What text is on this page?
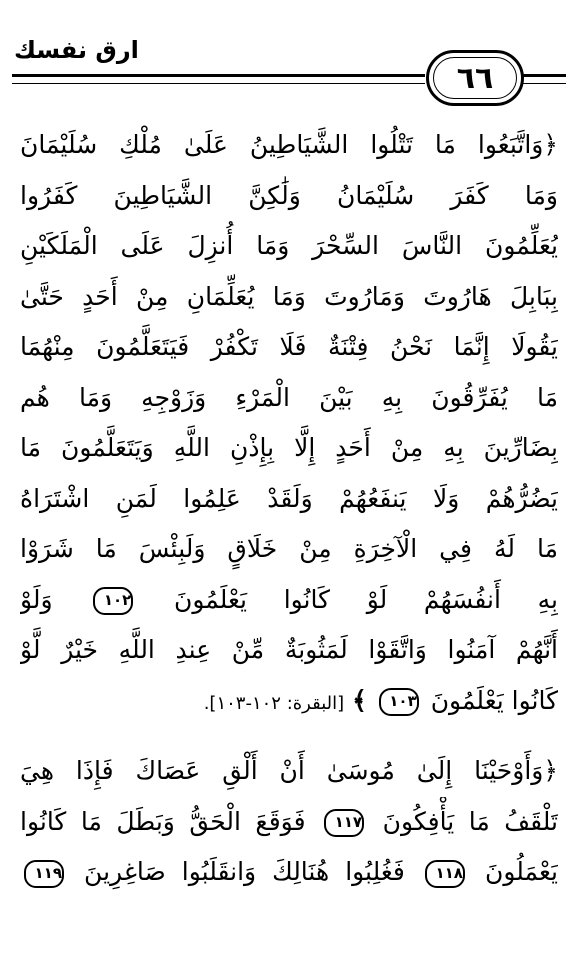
ارق نفسك
٦٦
﴿وَاتَّبَعُوا مَا تَتْلُوا الشَّيَاطِينُ عَلَىٰ مُلْكِ سُلَيْمَانَ
وَمَا كَفَرَ سُلَيْمَانُ وَلَٰكِنَّ الشَّيَاطِينَ كَفَرُوا
يُعَلِّمُونَ النَّاسَ السِّحْرَ وَمَا أُنزِلَ عَلَى الْمَلَكَيْنِ
بِبَابِلَ هَارُوتَ وَمَارُوتَ وَمَا يُعَلِّمَانِ مِنْ أَحَدٍ حَتَّىٰ
يَقُولَا إِنَّمَا نَحْنُ فِتْنَةٌ فَلَا تَكْفُرْ فَيَتَعَلَّمُونَ مِنْهُمَا
مَا يُفَرِّقُونَ بِهِ بَيْنَ الْمَرْءِ وَزَوْجِهِ وَمَا هُم
بِضَارِّينَ بِهِ مِنْ أَحَدٍ إِلَّا بِإِذْنِ اللَّهِ وَيَتَعَلَّمُونَ مَا
يَضُرُّهُمْ وَلَا يَنفَعُهُمْ وَلَقَدْ عَلِمُوا لَمَنِ اشْتَرَاهُ
مَا لَهُ فِي الْآخِرَةِ مِنْ خَلَاقٍ وَلَبِئْسَ مَا شَرَوْا
بِهِ أَنفُسَهُمْ لَوْ كَانُوا يَعْلَمُونَ ١٠٢ وَلَوْ
أَنَّهُمْ آمَنُوا وَاتَّقَوْا لَمَثُوبَةٌ مِّنْ عِندِ اللَّهِ خَيْرٌ لَّوْ
كَانُوا يَعْلَمُونَ ١٠٣ ﴾ [البقرة: ١٠٢-١٠٣].
﴿وَأَوْحَيْنَا إِلَىٰ مُوسَىٰ أَنْ أَلْقِ عَصَاكَ فَإِذَا هِيَ
تَلْقَفُ مَا يَأْفِكُونَ ١١٧ فَوَقَعَ الْحَقُّ وَبَطَلَ مَا كَانُوا
يَعْمَلُونَ ١١٨ فَغُلِبُوا هُنَالِكَ وَانقَلَبُوا صَاغِرِينَ ١١٩
